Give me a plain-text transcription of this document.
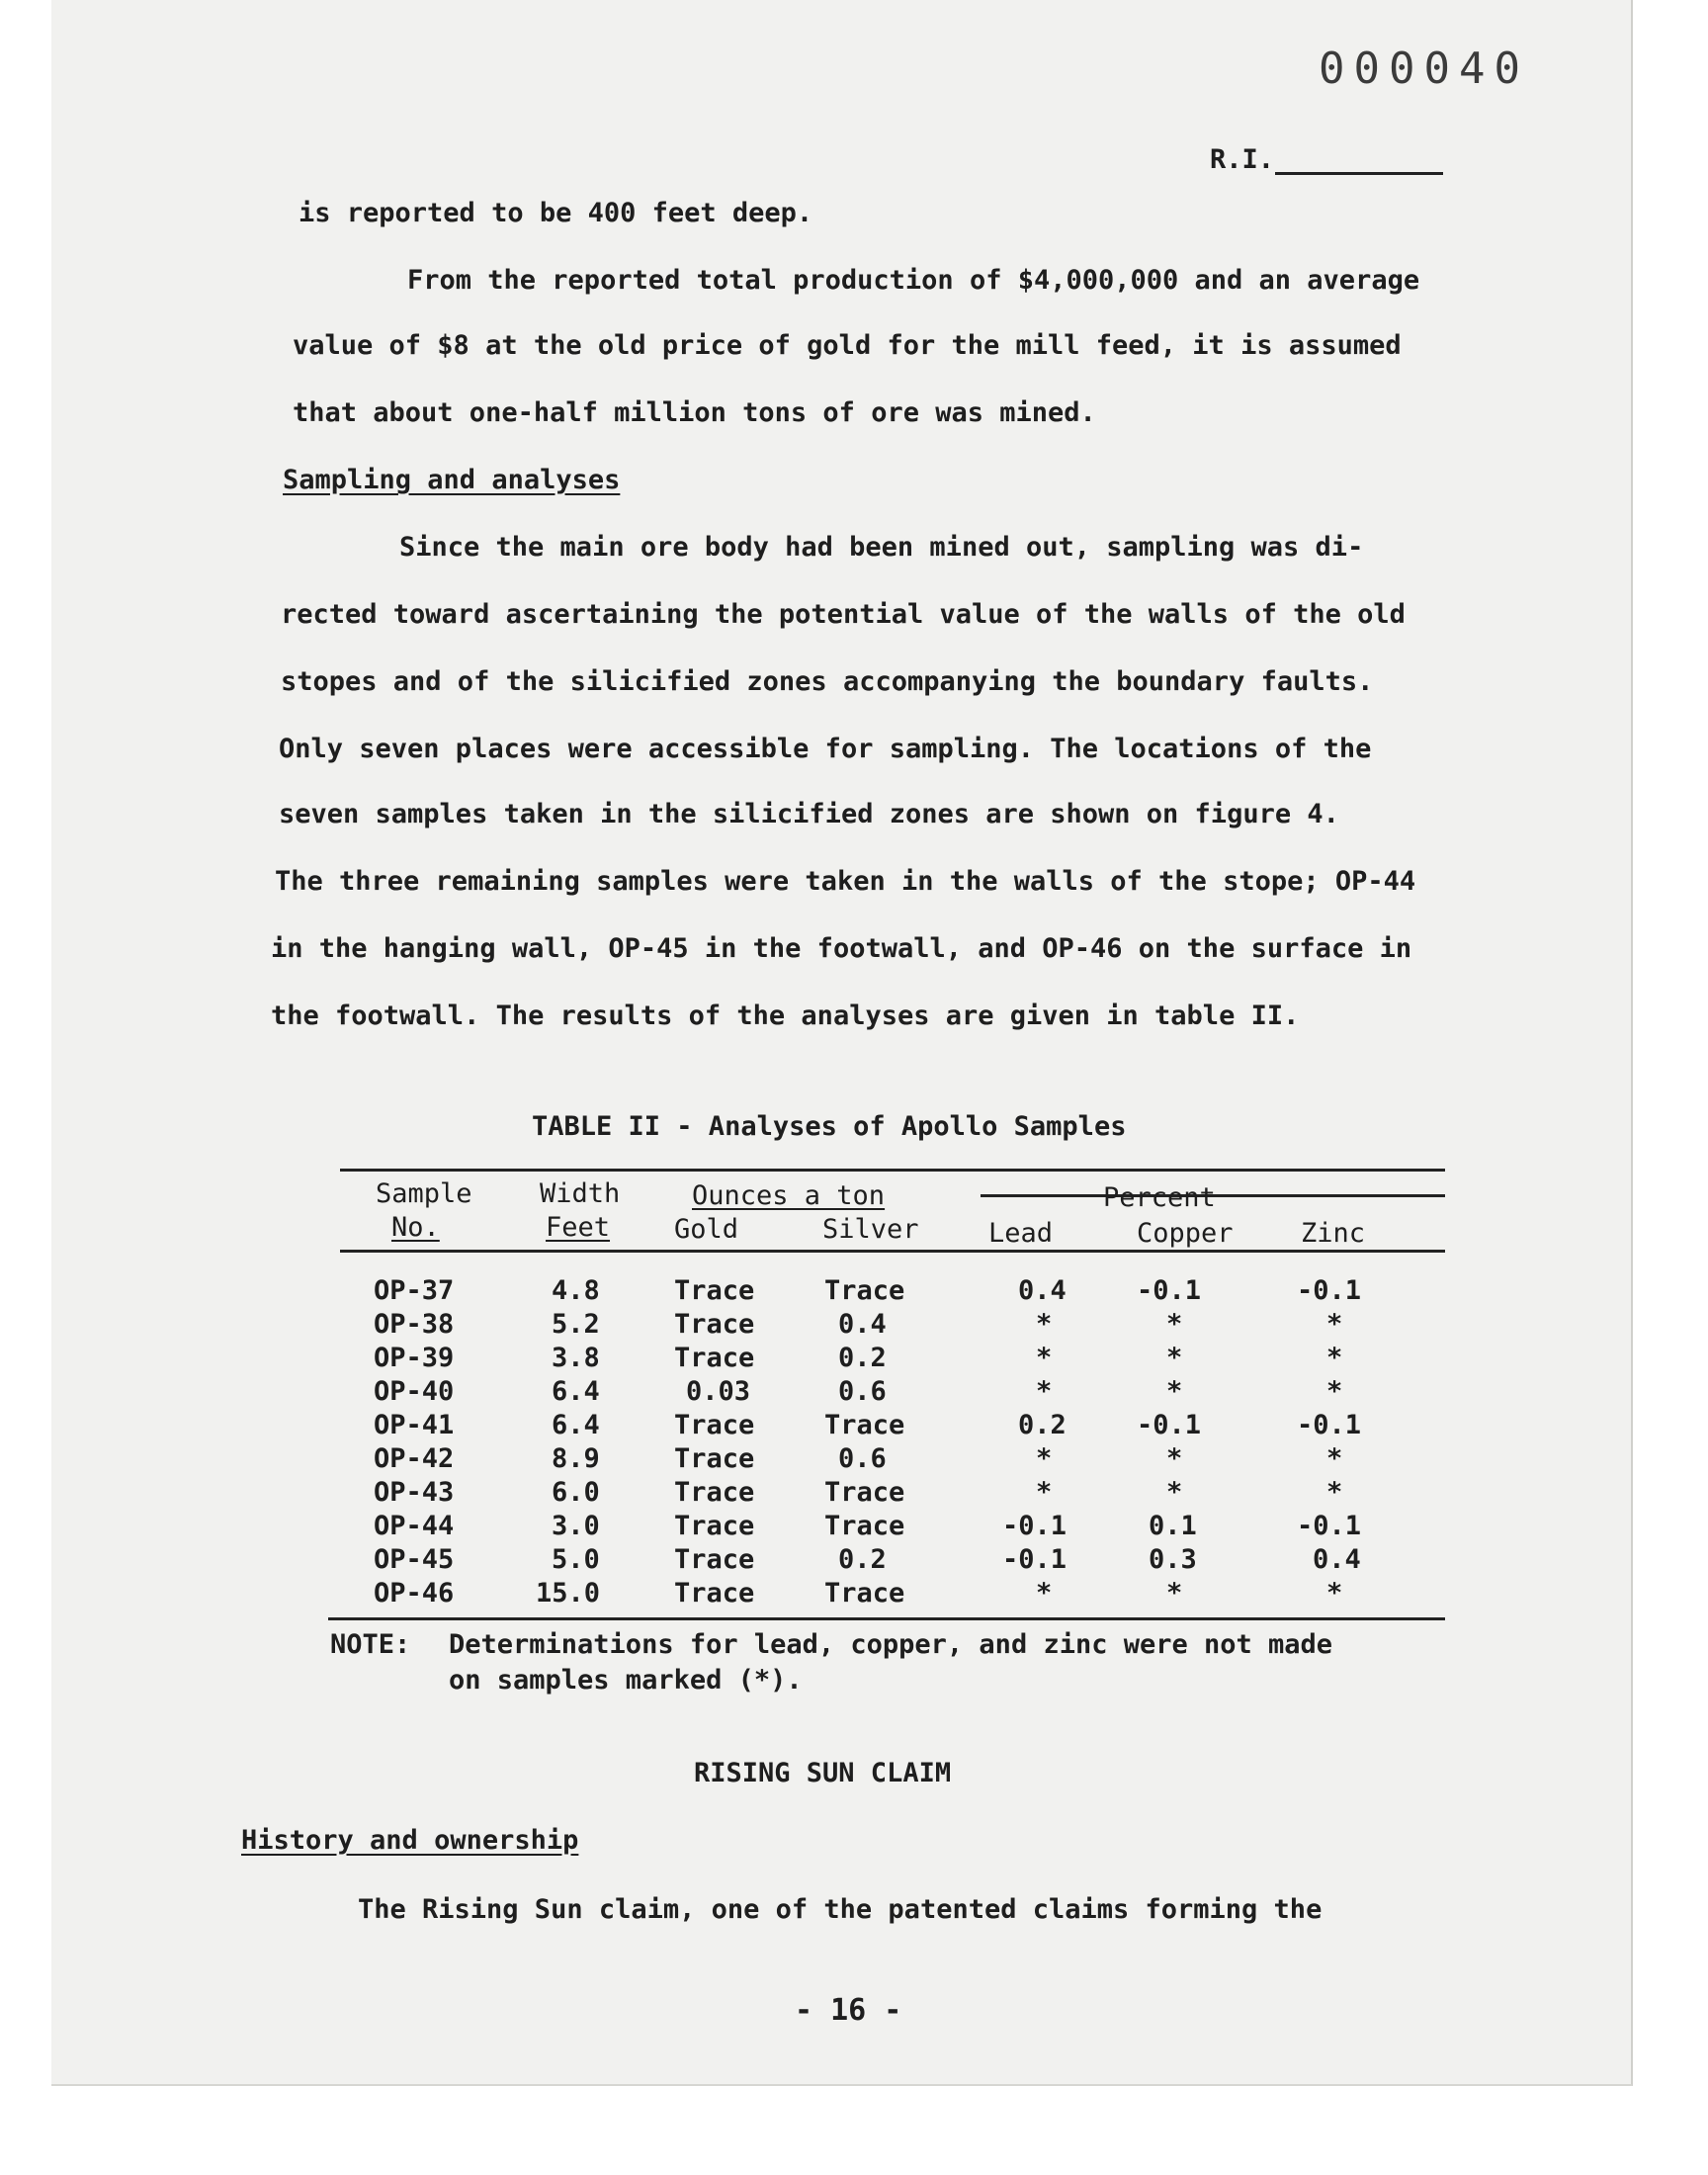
000040
R.I.
is reported to be 400 feet deep.
From the reported total production of $4,000,000 and an average
value of $8 at the old price of gold for the mill feed, it is assumed
that about one-half million tons of ore was mined.
Sampling and analyses
Since the main ore body had been mined out, sampling was di-
rected toward ascertaining the potential value of the walls of the old
stopes and of the silicified zones accompanying the boundary faults.
Only seven places were accessible for sampling. The locations of the
seven samples taken in the silicified zones are shown on figure 4.
The three remaining samples were taken in the walls of the stope; OP-44
in the hanging wall, OP-45 in the footwall, and OP-46 on the surface in
the footwall. The results of the analyses are given in table II.
TABLE II - Analyses of Apollo Samples
Sample
No.
Width
Feet
Ounces a ton
Gold	Silver
Percent
Lead	Copper	Zinc
OP-37	4.8	Trace	Trace	0.4	-0.1	-0.1
OP-38	5.2	Trace	0.4	*	*	*
OP-39	3.8	Trace	0.2	*	*	*
OP-40	6.4	0.03	0.6	*	*	*
OP-41	6.4	Trace	Trace	0.2	-0.1	-0.1
OP-42	8.9	Trace	0.6	*	*	*
OP-43	6.0	Trace	Trace	*	*	*
OP-44	3.0	Trace	Trace	-0.1	0.1	-0.1
OP-45	5.0	Trace	0.2	-0.1	0.3	0.4
OP-46	15.0	Trace	Trace	*	*	*
NOTE: Determinations for lead, copper, and zinc were not made
on samples marked (*).
RISING SUN CLAIM
History and ownership
The Rising Sun claim, one of the patented claims forming the
- 16 -
